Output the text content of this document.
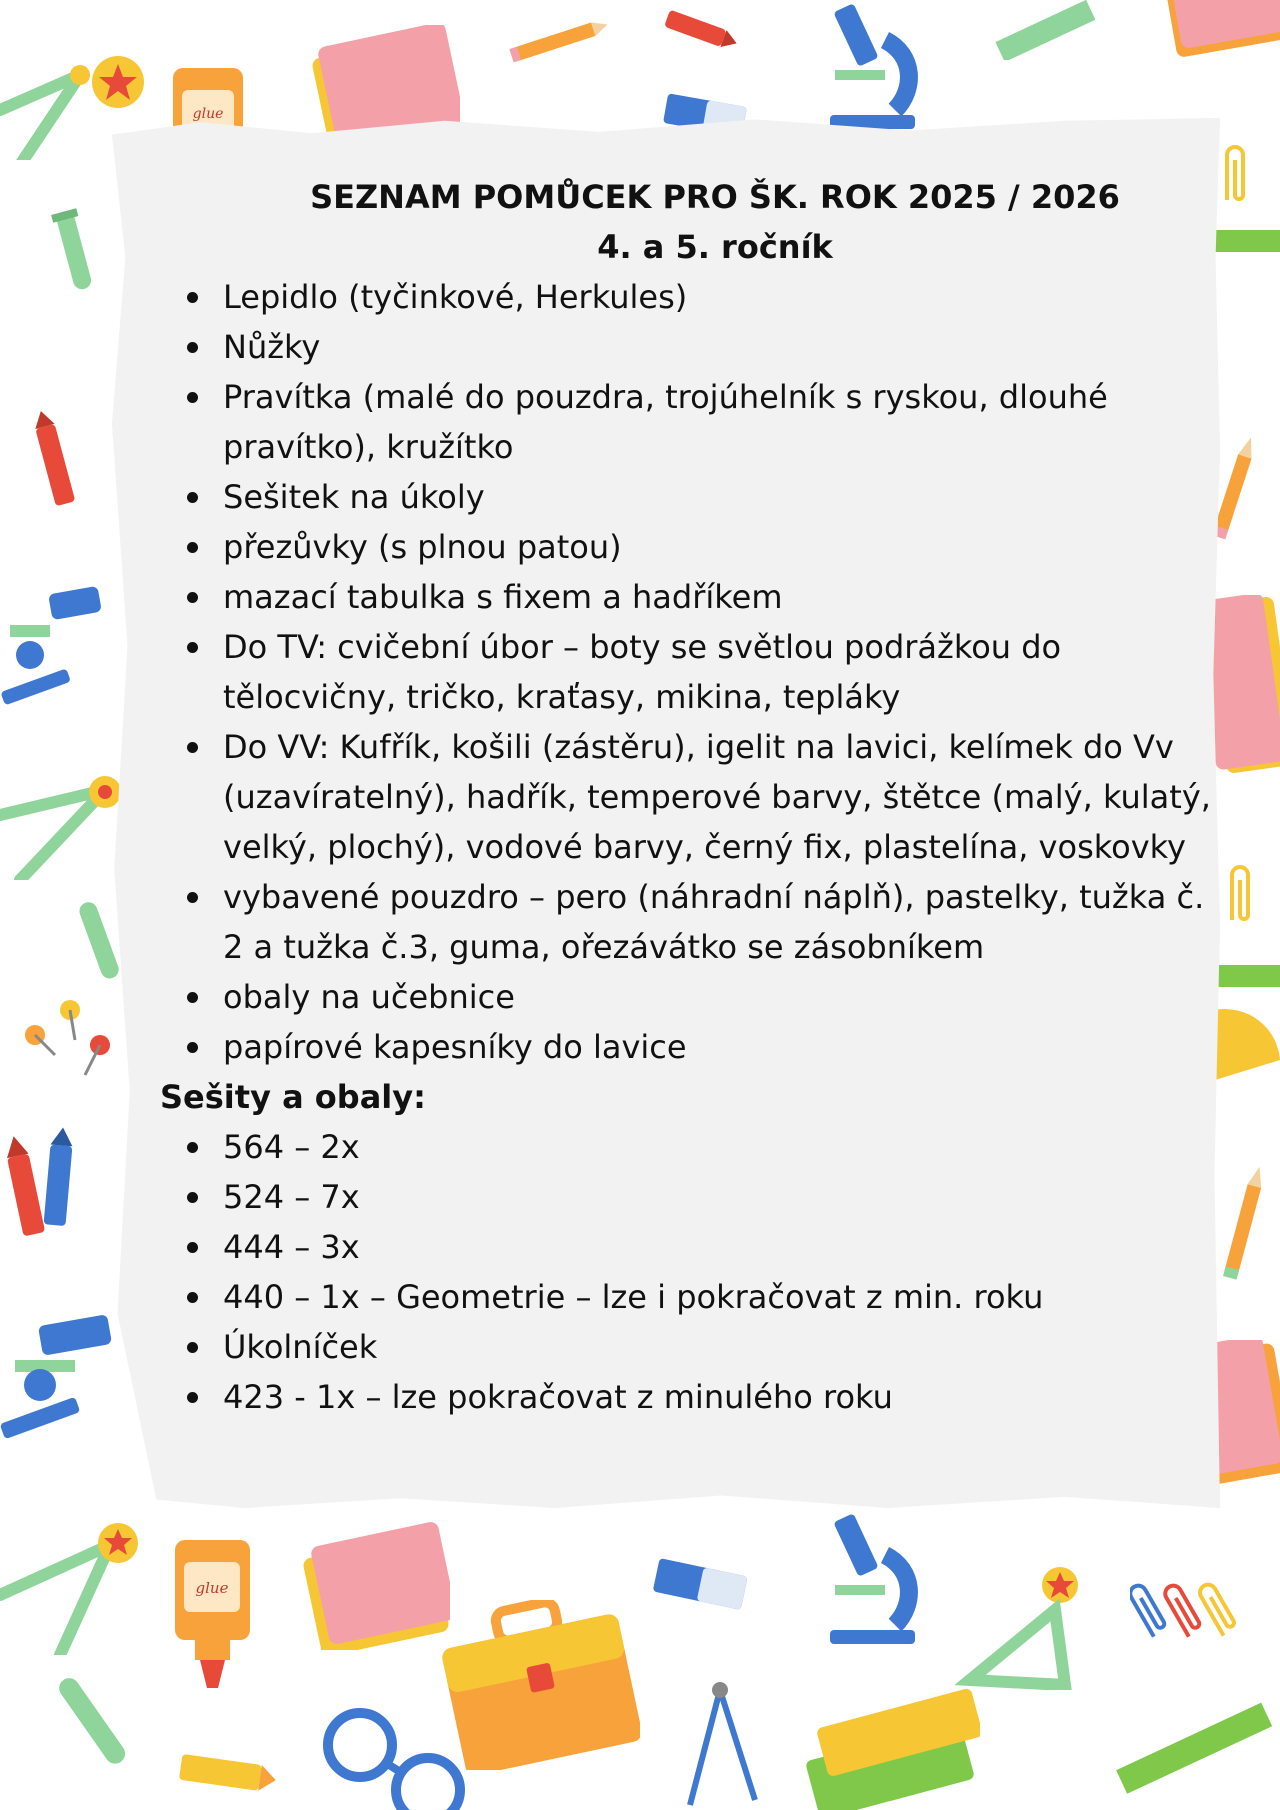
glue
glue
SEZNAM POMŮCEK PRO ŠK. ROK 2025 / 2026
4. a 5. ročník
Lepidlo (tyčinkové, Herkules)
Nůžky
Pravítka (malé do pouzdra, trojúhelník s ryskou, dlouhé pravítko), kružítko
Sešitek na úkoly
přezůvky (s plnou patou)
mazací tabulka s fixem a hadříkem
Do TV: cvičební úbor – boty se světlou podrážkou do tělocvičny, tričko, kraťasy, mikina, tepláky
Do VV: Kufřík, košili (zástěru), igelit na lavici, kelímek do Vv (uzavíratelný), hadřík, temperové barvy, štětce (malý, kulatý, velký, plochý), vodové barvy, černý fix, plastelína, voskovky
vybavené pouzdro – pero (náhradní náplň), pastelky, tužka č. 2 a tužka č.3, guma, ořezávátko se zásobníkem
obaly na učebnice
papírové kapesníky do lavice
Sešity a obaly:
564 – 2x
524 – 7x
444 – 3x
440 – 1x – Geometrie – lze i pokračovat z min. roku
Úkolníček
423 - 1x – lze pokračovat z minulého roku
